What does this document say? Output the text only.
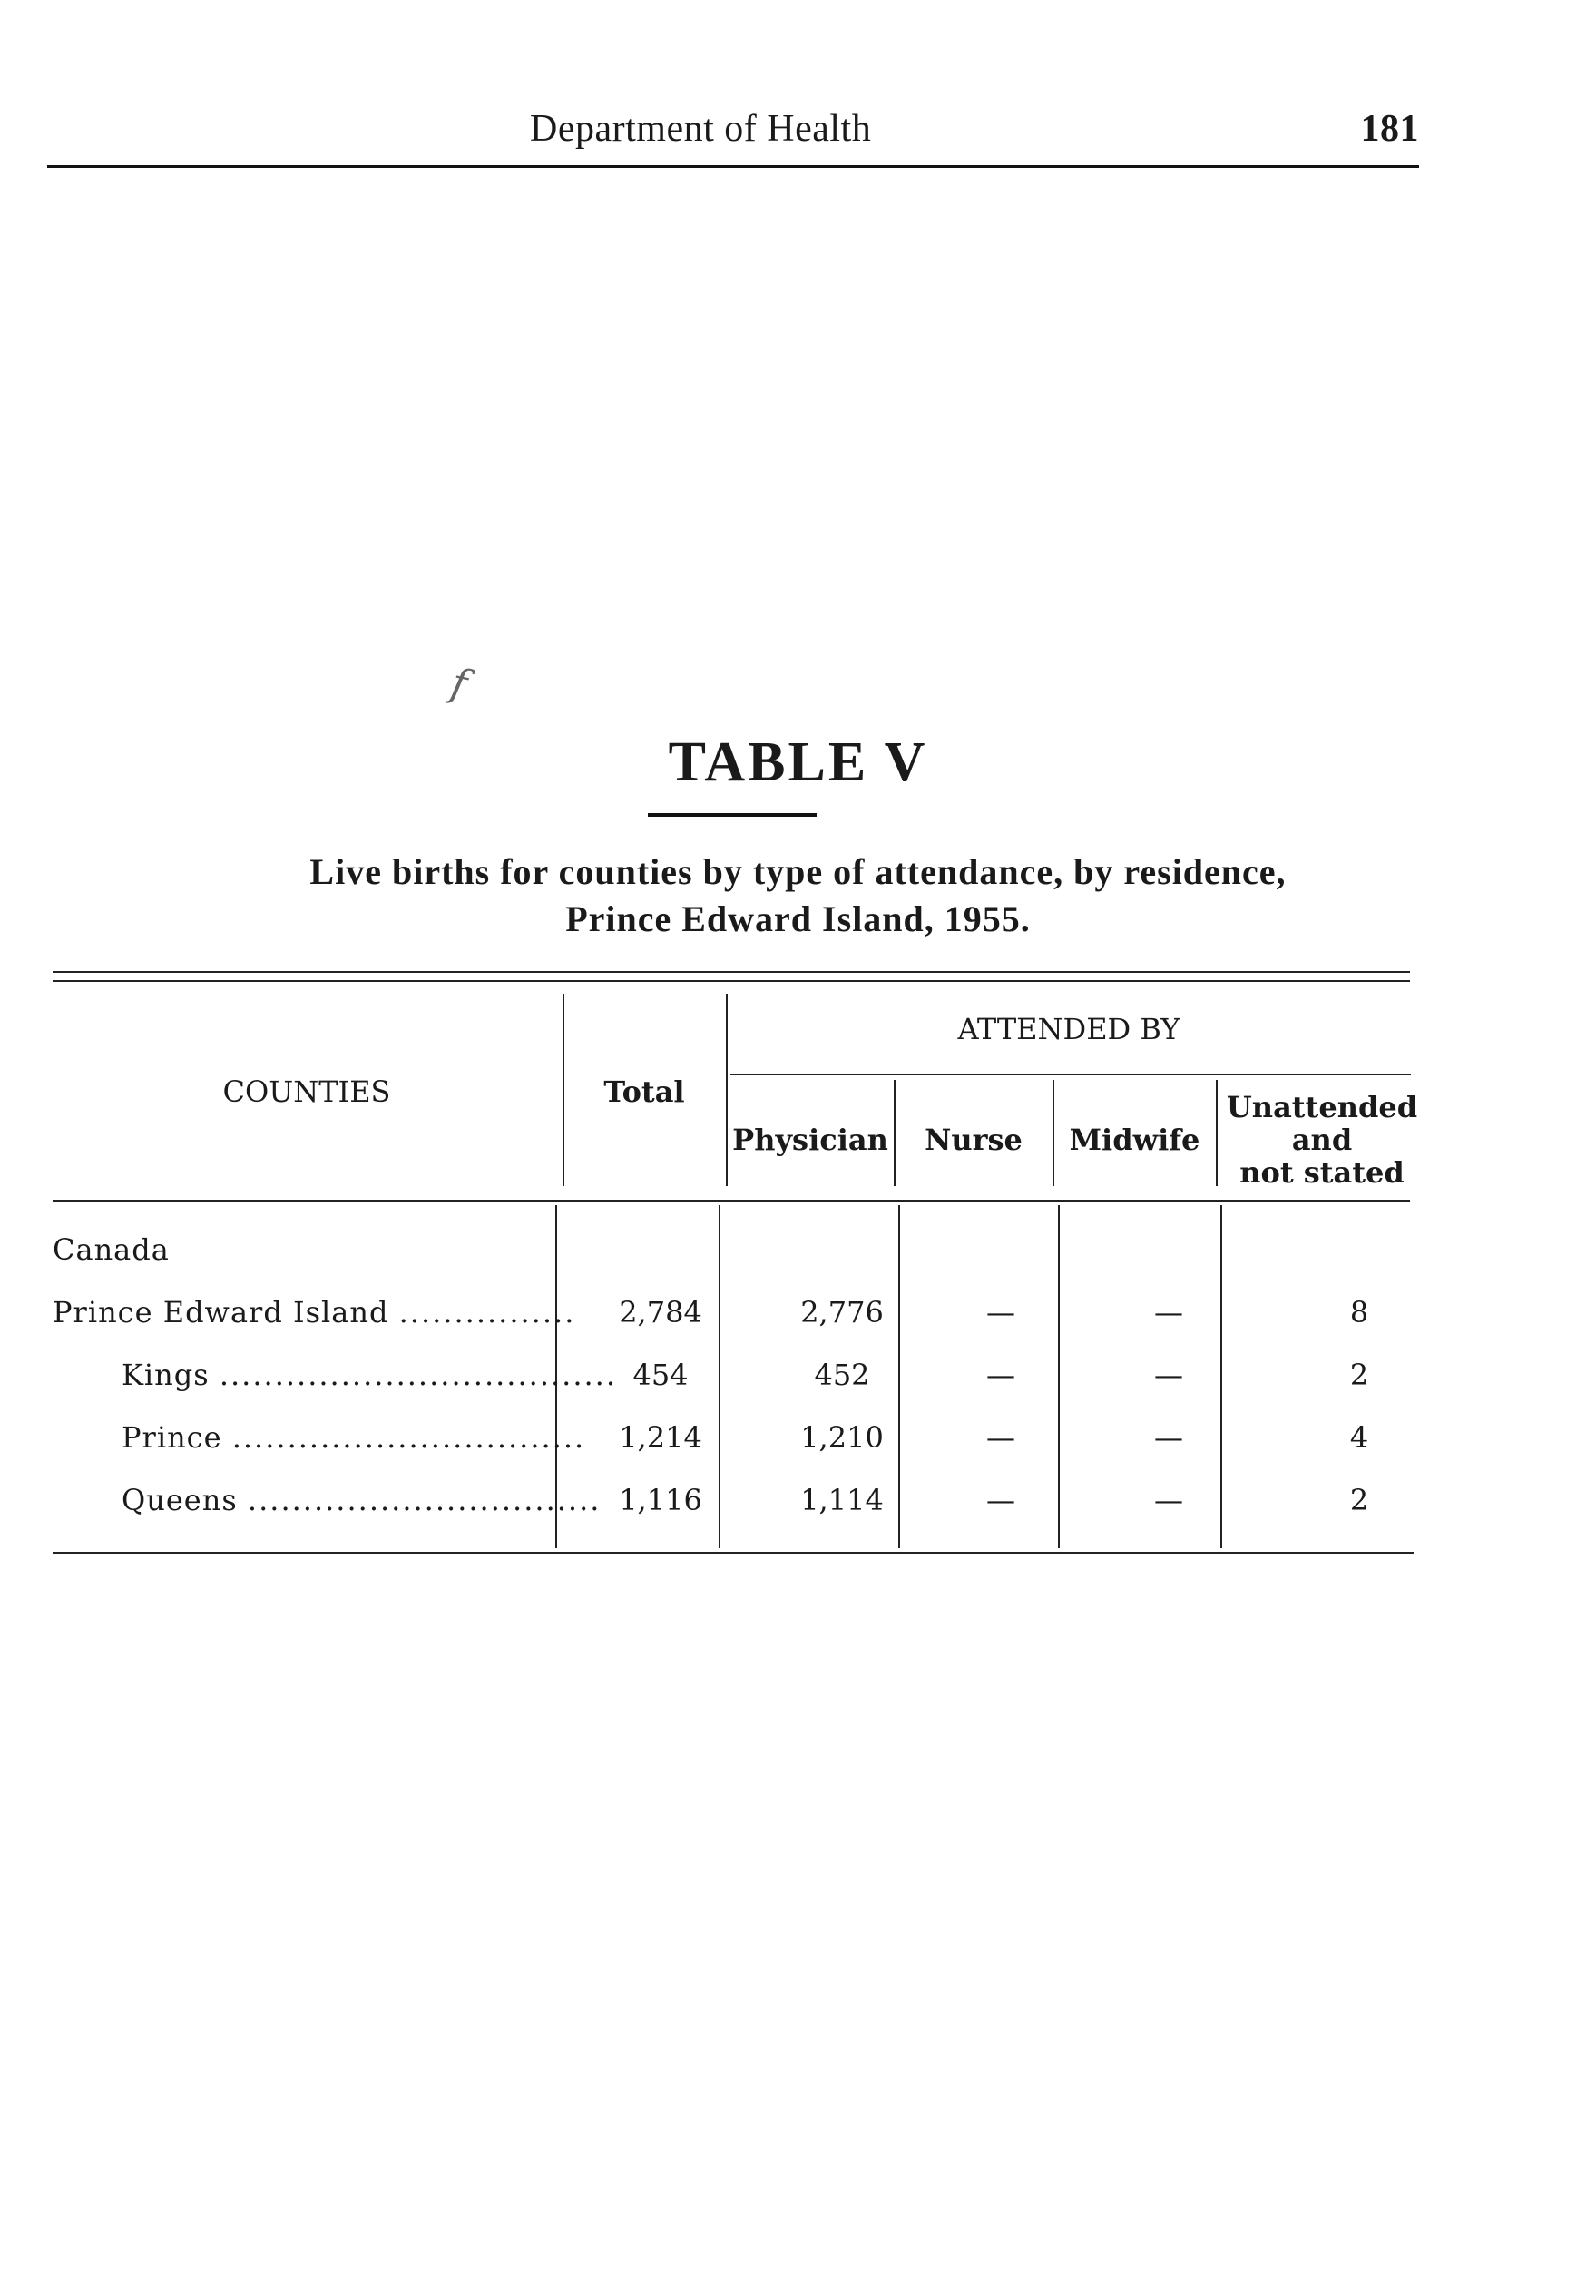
Department of Health	181
f
TABLE V
Live births for counties by type of attendance, by residence,
Prince Edward Island, 1955.
COUNTIES	Total
ATTENDED BY
Physician	Nurse	Midwife
Unattended
and
not stated
Canada
Prince Edward Island ................	2,784	2,776	—	—	8
Kings .................................... 454	452	—	—	2
Prince ................................	1,214	1,210	—	—	4
Queens ................................ 1,116	1,114	—	—	2
